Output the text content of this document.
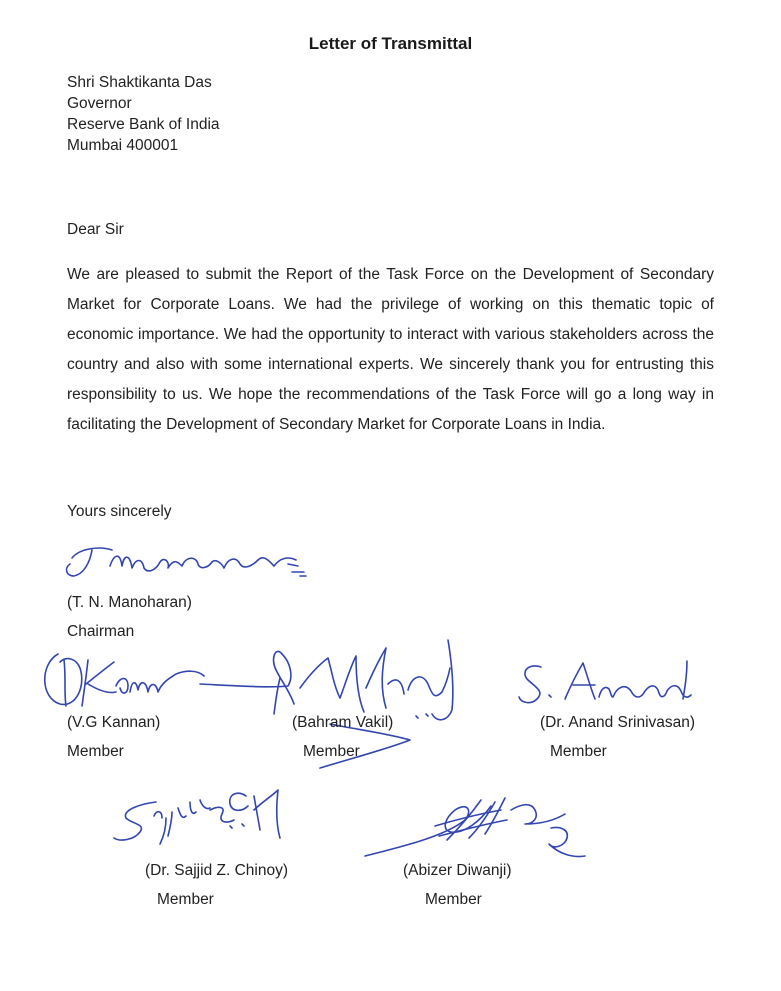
Letter of Transmittal
Shri Shaktikanta Das
Governor
Reserve Bank of India
Mumbai 400001
Dear Sir
We are pleased to submit the Report of the Task Force on the Development of Secondary Market for Corporate Loans. We had the privilege of working on this thematic topic of economic importance. We had the opportunity to interact with various stakeholders across the country and also with some international experts. We sincerely thank you for entrusting this responsibility to us. We hope the recommendations of the Task Force will go a long way in facilitating the Development of Secondary Market for Corporate Loans in India.
Yours sincerely
(T. N. Manoharan)
Chairman
(V.G Kannan)
Member
(Bahram Vakil)
Member
(Dr. Anand Srinivasan)
Member
(Dr. Sajjid Z. Chinoy)
Member
(Abizer Diwanji)
Member
